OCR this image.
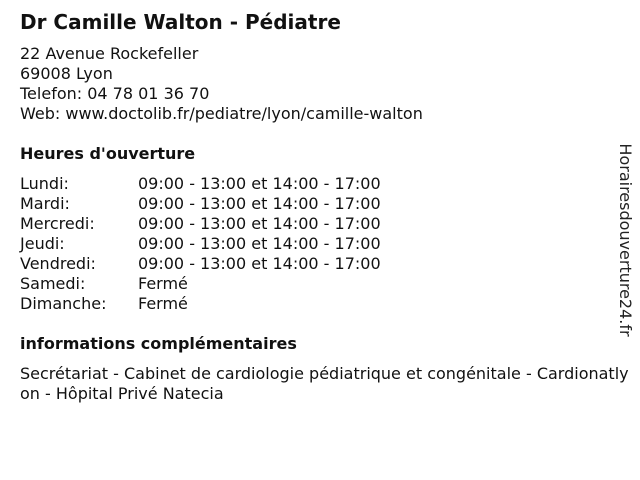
Dr Camille Walton - Pédiatre
22 Avenue Rockefeller
69008 Lyon
Telefon: 04 78 01 36 70
Web: www.doctolib.fr/pediatre/lyon/camille-walton
Heures d'ouverture
Lundi:	09:00 - 13:00 et 14:00 - 17:00
Mardi:	09:00 - 13:00 et 14:00 - 17:00
Mercredi:	09:00 - 13:00 et 14:00 - 17:00
Jeudi:	09:00 - 13:00 et 14:00 - 17:00
Vendredi:	09:00 - 13:00 et 14:00 - 17:00
Samedi:	Fermé
Dimanche:	Fermé
informations complémentaires
Secrétariat - Cabinet de cardiologie pédiatrique et congénitale - Cardionatlyon - Hôpital Privé Natecia
Horairesdouverture24.fr
